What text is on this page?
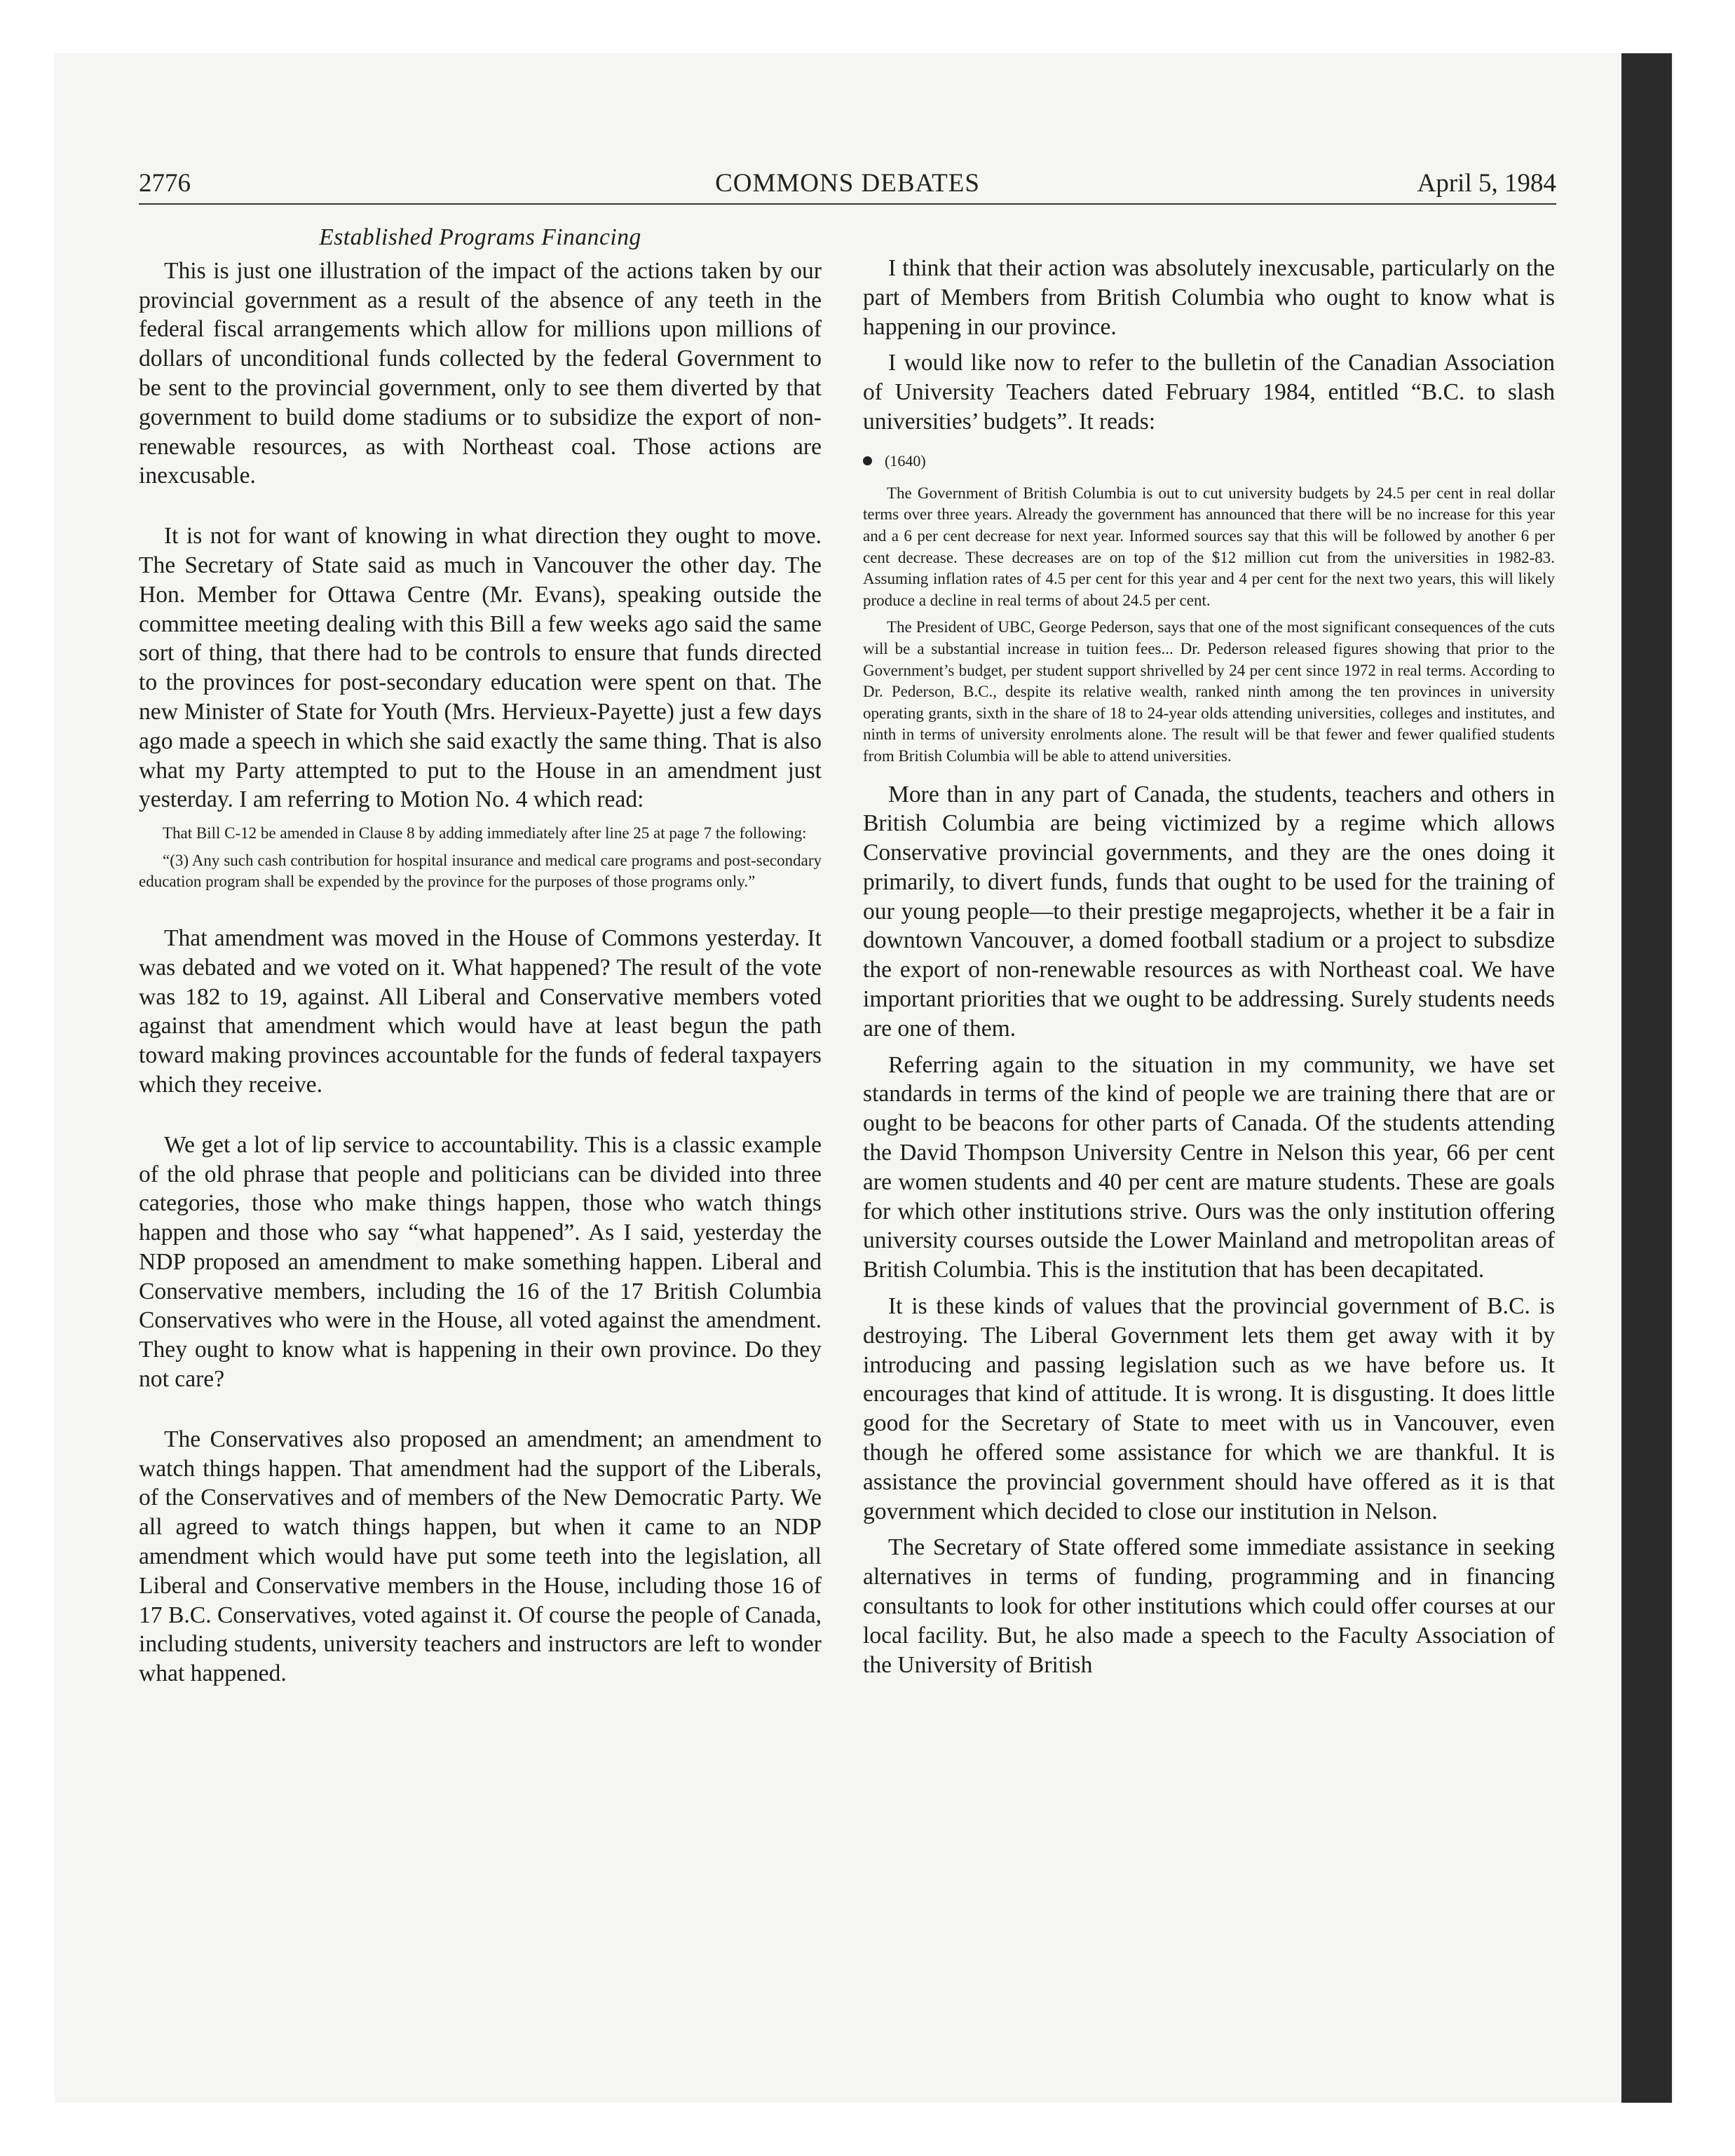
2776	COMMONS DEBATES	April 5, 1984
Established Programs Financing

This is just one illustration of the impact of the actions taken by our provincial government as a result of the absence of any teeth in the federal fiscal arrangements which allow for millions upon millions of dollars of unconditional funds collected by the federal Government to be sent to the provincial government, only to see them diverted by that government to build dome stadiums or to subsidize the export of non-renewable resources, as with Northeast coal. Those actions are inexcusable.

It is not for want of knowing in what direction they ought to move. The Secretary of State said as much in Vancouver the other day. The Hon. Member for Ottawa Centre (Mr. Evans), speaking outside the committee meeting dealing with this Bill a few weeks ago said the same sort of thing, that there had to be controls to ensure that funds directed to the provinces for post-secondary education were spent on that. The new Minister of State for Youth (Mrs. Hervieux-Payette) just a few days ago made a speech in which she said exactly the same thing. That is also what my Party attempted to put to the House in an amendment just yesterday. I am referring to Motion No. 4 which read:

That Bill C-12 be amended in Clause 8 by adding immediately after line 25 at page 7 the following:

“(3) Any such cash contribution for hospital insurance and medical care programs and post-secondary education program shall be expended by the province for the purposes of those programs only.”

That amendment was moved in the House of Commons yesterday. It was debated and we voted on it. What happened? The result of the vote was 182 to 19, against. All Liberal and Conservative members voted against that amendment which would have at least begun the path toward making provinces accountable for the funds of federal taxpayers which they receive.

We get a lot of lip service to accountability. This is a classic example of the old phrase that people and politicians can be divided into three categories, those who make things happen, those who watch things happen and those who say “what happened”. As I said, yesterday the NDP proposed an amendment to make something happen. Liberal and Conservative members, including the 16 of the 17 British Columbia Conservatives who were in the House, all voted against the amendment. They ought to know what is happening in their own province. Do they not care?

The Conservatives also proposed an amendment; an amendment to watch things happen. That amendment had the support of the Liberals, of the Conservatives and of members of the New Democratic Party. We all agreed to watch things happen, but when it came to an NDP amendment which would have put some teeth into the legislation, all Liberal and Conservative members in the House, including those 16 of 17 B.C. Conservatives, voted against it. Of course the people of Canada, including students, university teachers and instructors are left to wonder what happened.

I think that their action was absolutely inexcusable, particularly on the part of Members from British Columbia who ought to know what is happening in our province.

I would like now to refer to the bulletin of the Canadian Association of University Teachers dated February 1984, entitled “B.C. to slash universities’ budgets”. It reads:

(1640)

The Government of British Columbia is out to cut university budgets by 24.5 per cent in real dollar terms over three years. Already the government has announced that there will be no increase for this year and a 6 per cent decrease for next year. Informed sources say that this will be followed by another 6 per cent decrease. These decreases are on top of the $12 million cut from the universities in 1982-83. Assuming inflation rates of 4.5 per cent for this year and 4 per cent for the next two years, this will likely produce a decline in real terms of about 24.5 per cent.

The President of UBC, George Pederson, says that one of the most significant consequences of the cuts will be a substantial increase in tuition fees... Dr. Pederson released figures showing that prior to the Government’s budget, per student support shrivelled by 24 per cent since 1972 in real terms. According to Dr. Pederson, B.C., despite its relative wealth, ranked ninth among the ten provinces in university operating grants, sixth in the share of 18 to 24-year olds attending universities, colleges and institutes, and ninth in terms of university enrolments alone. The result will be that fewer and fewer qualified students from British Columbia will be able to attend universities.

More than in any part of Canada, the students, teachers and others in British Columbia are being victimized by a regime which allows Conservative provincial governments, and they are the ones doing it primarily, to divert funds, funds that ought to be used for the training of our young people—to their prestige megaprojects, whether it be a fair in downtown Vancouver, a domed football stadium or a project to subsdize the export of non-renewable resources as with Northeast coal. We have important priorities that we ought to be addressing. Surely students needs are one of them.

Referring again to the situation in my community, we have set standards in terms of the kind of people we are training there that are or ought to be beacons for other parts of Canada. Of the students attending the David Thompson University Centre in Nelson this year, 66 per cent are women students and 40 per cent are mature students. These are goals for which other institutions strive. Ours was the only institution offering university courses outside the Lower Mainland and metropolitan areas of British Columbia. This is the institution that has been decapitated.

It is these kinds of values that the provincial government of B.C. is destroying. The Liberal Government lets them get away with it by introducing and passing legislation such as we have before us. It encourages that kind of attitude. It is wrong. It is disgusting. It does little good for the Secretary of State to meet with us in Vancouver, even though he offered some assistance for which we are thankful. It is assistance the provincial government should have offered as it is that government which decided to close our institution in Nelson.

The Secretary of State offered some immediate assistance in seeking alternatives in terms of funding, programming and in financing consultants to look for other institutions which could offer courses at our local facility. But, he also made a speech to the Faculty Association of the University of British
